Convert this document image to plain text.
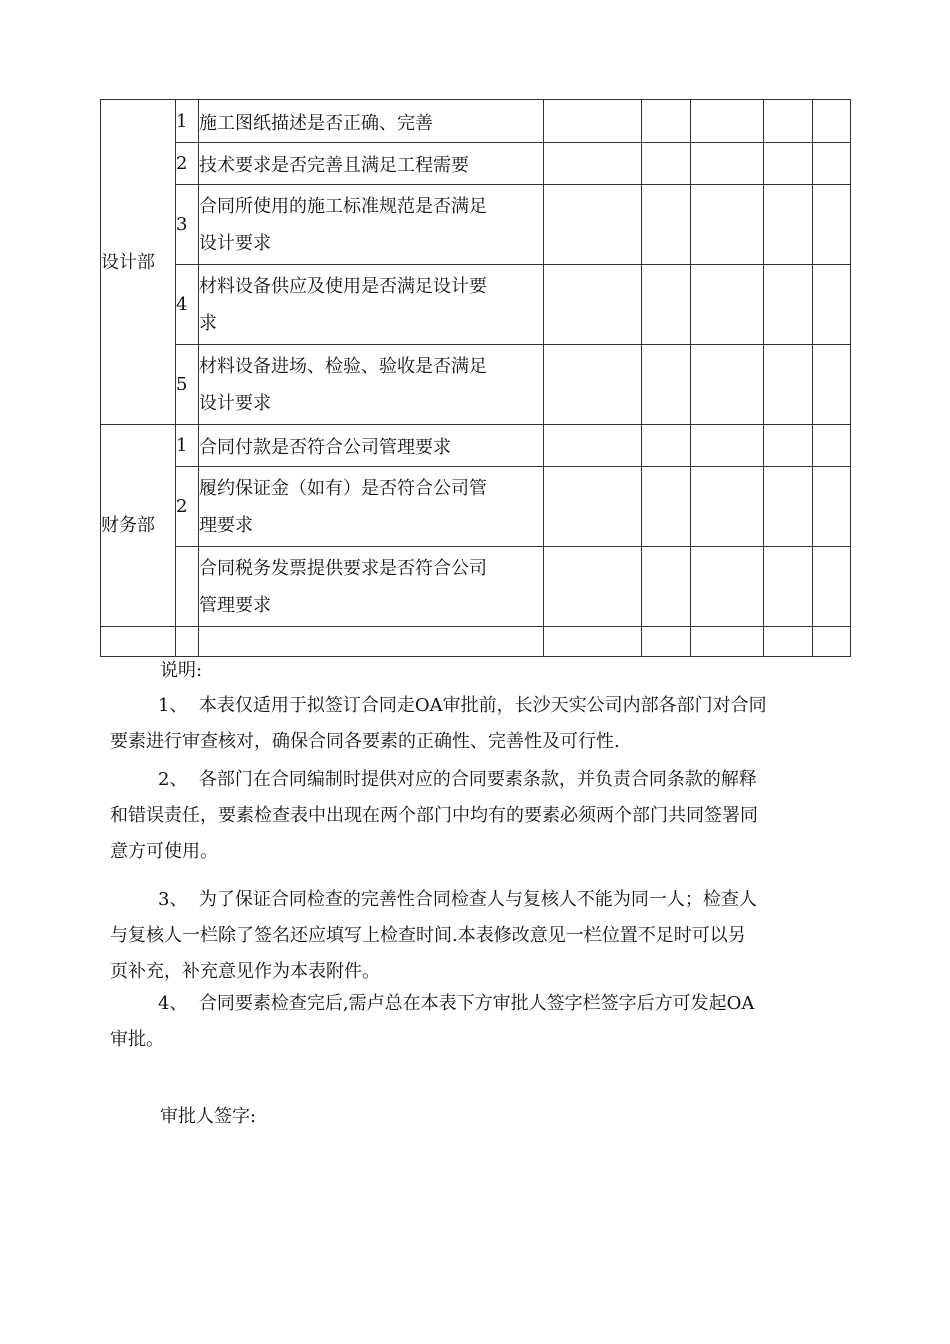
设计部	1	施工图纸描述是否正确、完善					
	2	技术要求是否完善且满足工程需要					
	3	合同所使用的施工标准规范是否满足
设计要求					
	4	材料设备供应及使用是否满足设计要
求					
	5	材料设备进场、检验、验收是否满足
设计要求					
财务部	1	合同付款是否符合公司管理要求					
	2	履约保证金（如有）是否符合公司管
理要求					
		合同税务发票提供要求是否符合公司
管理要求					

说明:

1、 本表仅适用于拟签订合同走OA审批前，长沙天实公司内部各部门对合同

要素进行审查核对，确保合同各要素的正确性、完善性及可行性.

2、 各部门在合同编制时提供对应的合同要素条款，并负责合同条款的解释

和错误责任，要素检查表中出现在两个部门中均有的要素必须两个部门共同签署同

意方可使用。

3、 为了保证合同检查的完善性合同检查人与复核人不能为同一人；检查人

与复核人一栏除了签名还应填写上检查时间.本表修改意见一栏位置不足时可以另

页补充，补充意见作为本表附件。

4、 合同要素检查完后,需卢总在本表下方审批人签字栏签字后方可发起OA

审批。

审批人签字:
